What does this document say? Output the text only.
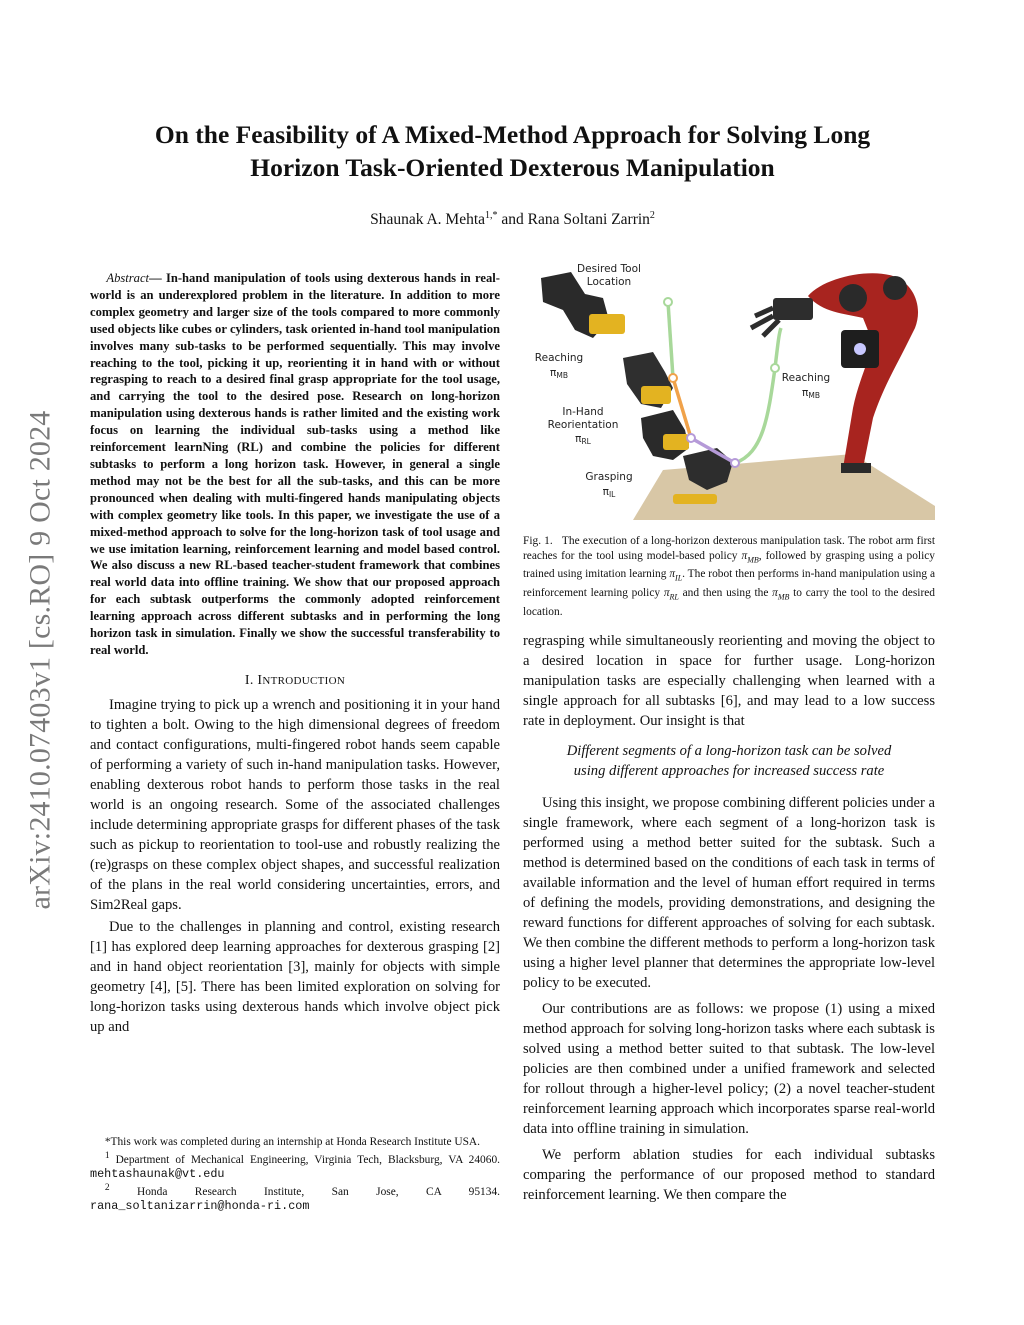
arXiv:2410.07403v1 [cs.RO] 9 Oct 2024
On the Feasibility of A Mixed-Method Approach for Solving Long
Horizon Task-Oriented Dexterous Manipulation
Shaunak A. Mehta$^{1,*}$ and Rana Soltani Zarrin$^2$

Abstract— In-hand manipulation of tools using dexterous hands in real-world is an underexplored problem in the literature. In addition to more complex geometry and larger size of the tools compared to more commonly used objects like cubes or cylinders, task oriented in-hand tool manipulation involves many sub-tasks to be performed sequentially. This may involve reaching to the tool, picking it up, reorienting it in hand with or without regrasping to reach to a desired final grasp appropriate for the tool usage, and carrying the tool to the desired pose. Research on long-horizon manipulation using dexterous hands is rather limited and the existing work focus on learning the individual sub-tasks using a method like reinforcement learnNing (RL) and combine the policies for different subtasks to perform a long horizon task. However, in general a single method may not be the best for all the sub-tasks, and this can be more pronounced when dealing with multi-fingered hands manipulating objects with complex geometry like tools. In this paper, we investigate the use of a mixed-method approach to solve for the long-horizon task of tool usage and we use imitation learning, reinforcement learning and model based control. We also discuss a new RL-based teacher-student framework that combines real world data into offline training. We show that our proposed approach for each subtask outperforms the commonly adopted reinforcement learning approach across different subtasks and in performing the long horizon task in simulation. Finally we show the successful transferability to real world.

I. INTRODUCTION

Imagine trying to pick up a wrench and positioning it in your hand to tighten a bolt. Owing to the high dimensional degrees of freedom and contact configurations, multi-fingered robot hands seem capable of performing a variety of such in-hand manipulation tasks. However, enabling dexterous robot hands to perform those tasks in the real world is an ongoing research. Some of the associated challenges include determining appropriate grasps for different phases of the task such as pickup to reorientation to tool-use and robustly realizing the (re)grasps on these complex object shapes, and successful realization of the plans in the real world considering uncertainties, errors, and Sim2Real gaps.

Due to the challenges in planning and control, existing research [1] has explored deep learning approaches for dexterous grasping [2] and in hand object reorientation [3], mainly for objects with simple geometry [4], [5]. There has been limited exploration on solving for long-horizon tasks using dexterous hands which involve object pick up and

*This work was completed during an internship at Honda Research Institute USA.

$^1$ Department of Mechanical Engineering, Virginia Tech, Blacksburg, VA 24060. mehtashaunak@vt.edu

$^2$ Honda Research Institute, San Jose, CA 95134.

rana_soltanizarrin@honda-ri.com

Desired Tool
Location
Reaching
πMB
In-Hand
Reorientation
πRL
Grasping
πIL
Reaching
πMB

Fig. 1.   The execution of a long-horizon dexterous manipulation task. The robot arm first reaches for the tool using model-based policy $\pi_{MB}$, followed by grasping using a policy trained using imitation learning $\pi_{IL}$. The robot then performs in-hand manipulation using a reinforcement learning policy $\pi_{RL}$ and then using the $\pi_{MB}$ to carry the tool to the desired location.

regrasping while simultaneously reorienting and moving the object to a desired location in space for further usage. Long-horizon manipulation tasks are especially challenging when learned with a single approach for all subtasks [6], and may lead to a low success rate in deployment. Our insight is that

Different segments of a long-horizon task can be solved
using different approaches for increased success rate

Using this insight, we propose combining different policies under a single framework, where each segment of a long-horizon task is performed using a method better suited for the subtask. Such a method is determined based on the conditions of each task in terms of available information and the level of human effort required in terms of defining the models, providing demonstrations, and designing the reward functions for different approaches of solving for each subtask. We then combine the different methods to perform a long-horizon task using a higher level planner that determines the appropriate low-level policy to be executed.

Our contributions are as follows: we propose (1) using a mixed method approach for solving long-horizon tasks where each subtask is solved using a method better suited to that subtask. The low-level policies are then combined under a unified framework and selected for rollout through a higher-level policy; (2) a novel teacher-student reinforcement learning approach which incorporates sparse real-world data into offline training in simulation.

We perform ablation studies for each individual subtasks comparing the performance of our proposed method to standard reinforcement learning. We then compare the
